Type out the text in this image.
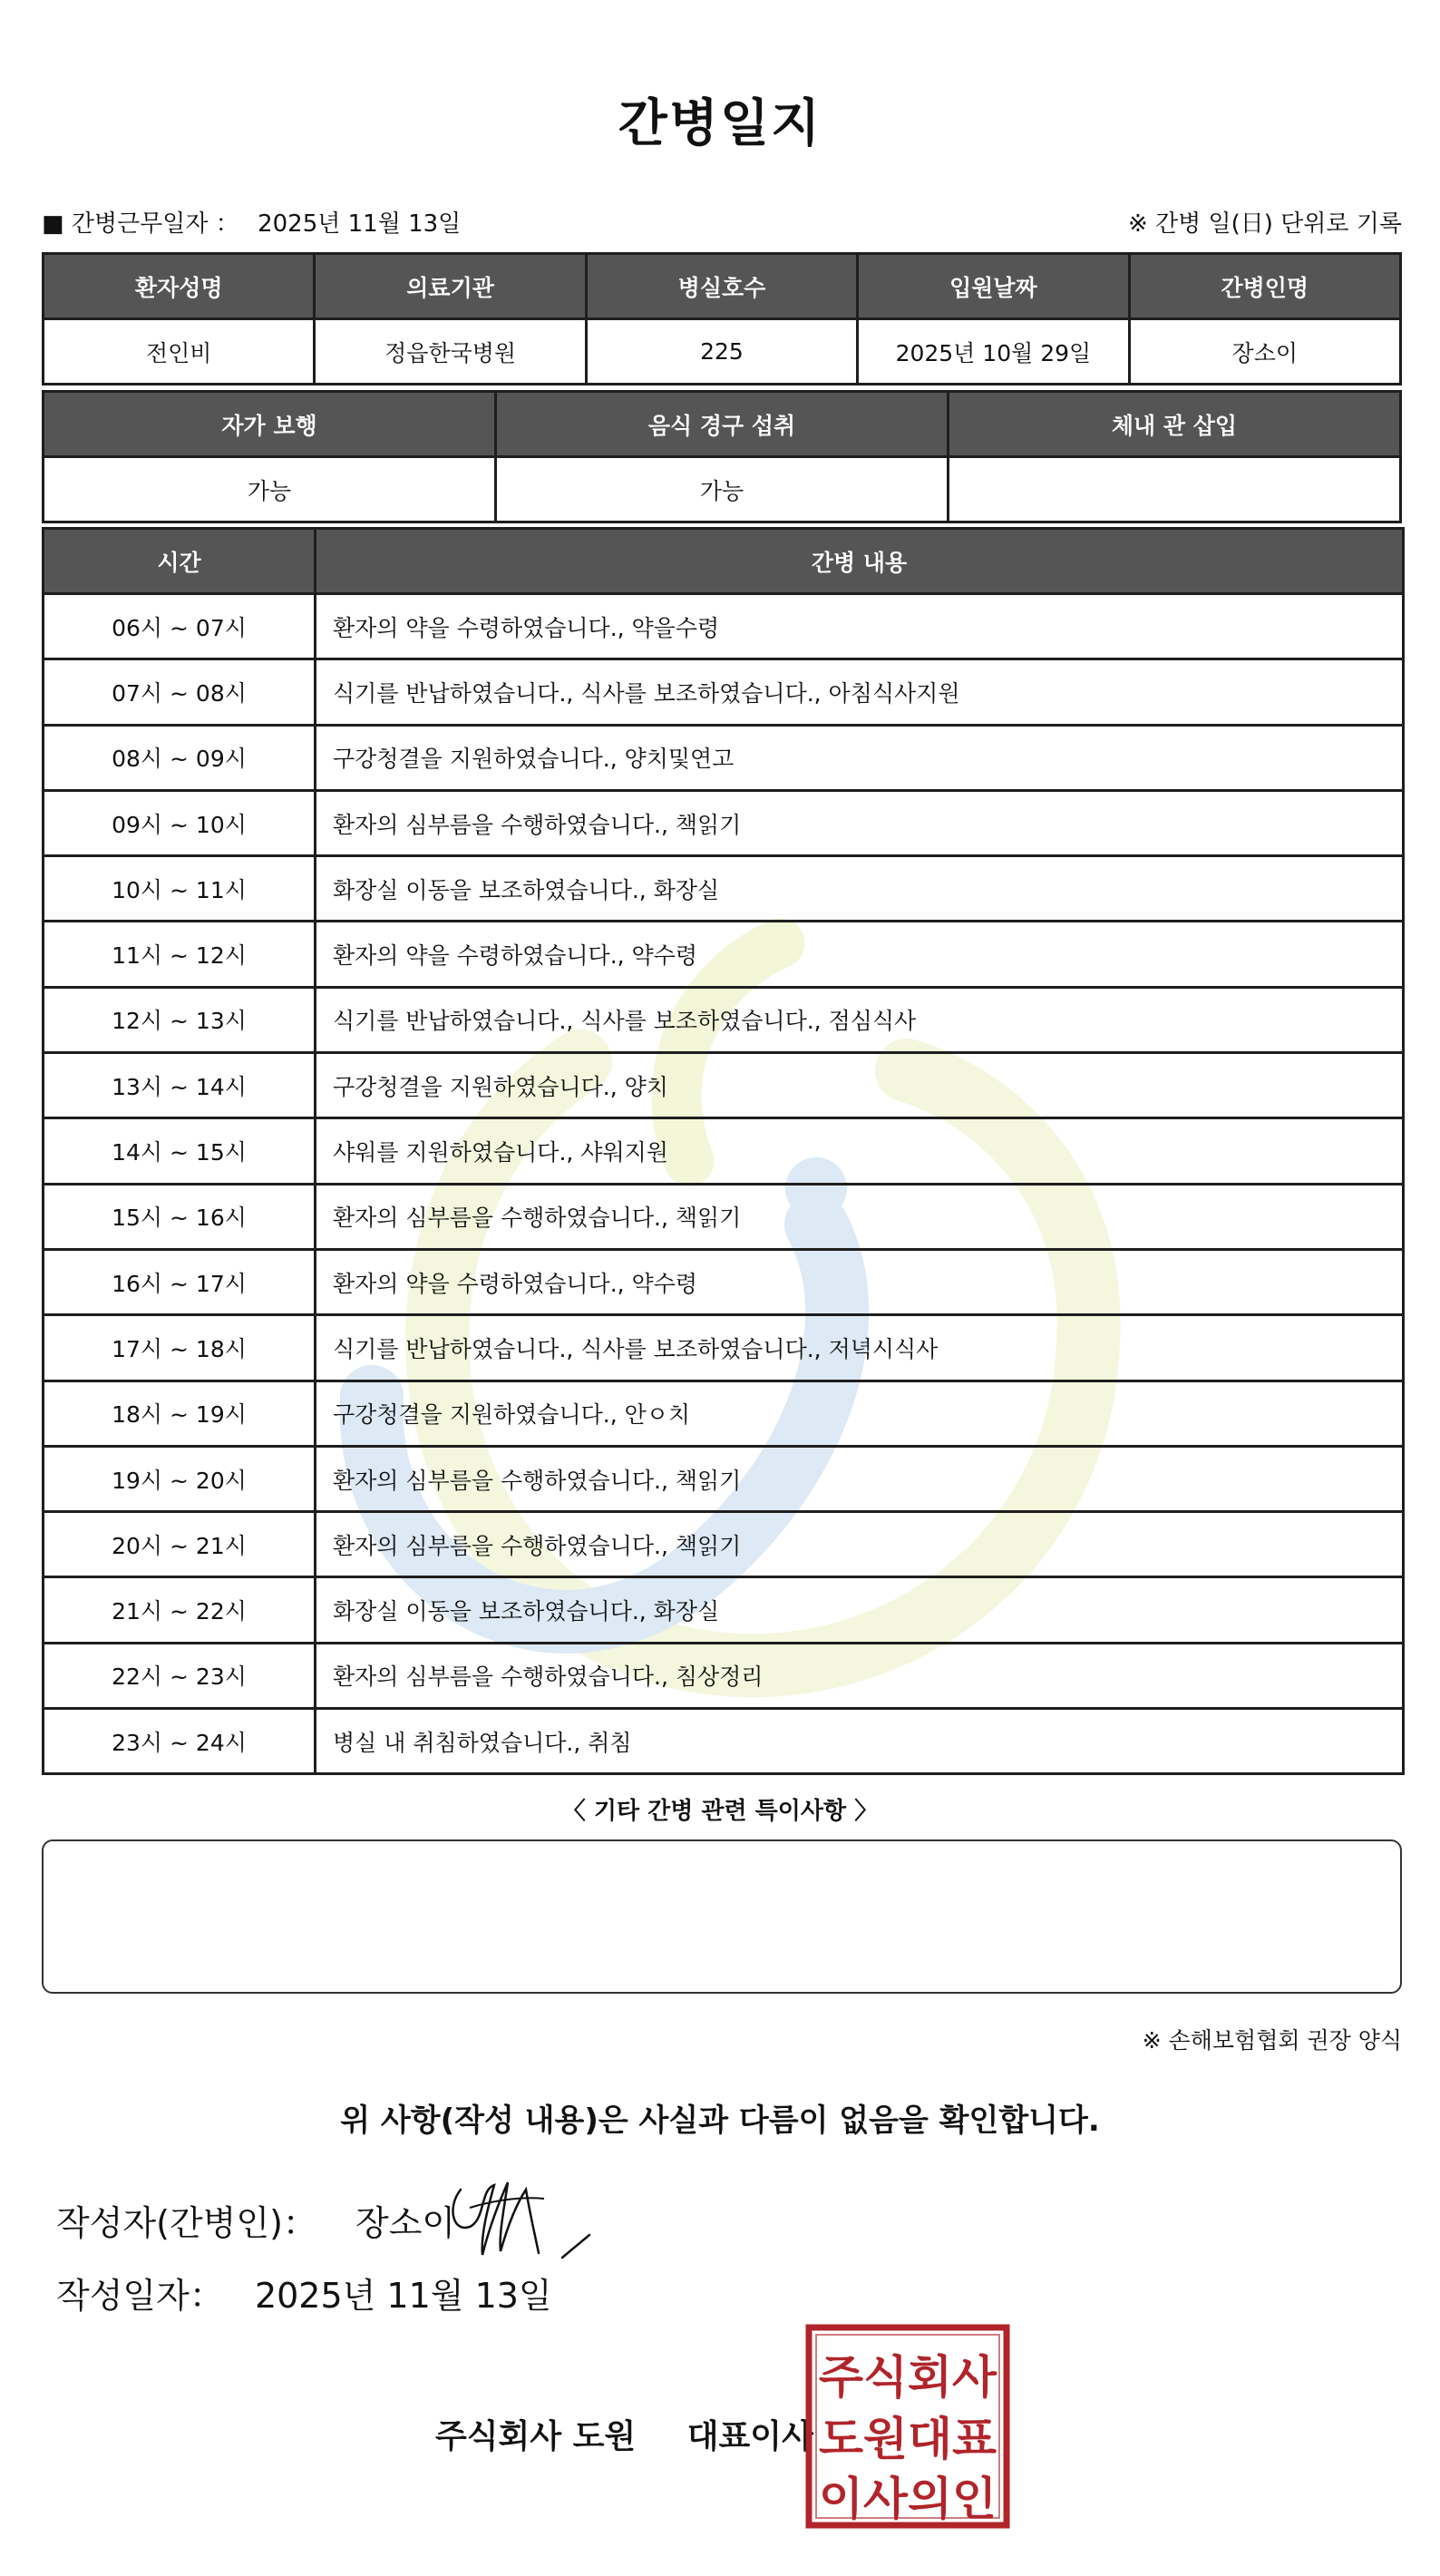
간병일지
■ 간병근무일자 ： 2025년 11월 13일	※ 간병 일(日) 단위로 기록
환자성명	의료기관	병실호수	입원날짜	간병인명
전인비	정읍한국병원	225	2025년 10월 29일	장소이
자가 보행	음식 경구 섭취	체내 관 삽입
가능	가능	
시간	간병 내용
06시 ~ 07시	환자의 약을 수령하였습니다., 약을수령
07시 ~ 08시	식기를 반납하였습니다., 식사를 보조하였습니다., 아침식사지원
08시 ~ 09시	구강청결을 지원하였습니다., 양치및연고
09시 ~ 10시	환자의 심부름을 수행하였습니다., 책읽기
10시 ~ 11시	화장실 이동을 보조하였습니다., 화장실
11시 ~ 12시	환자의 약을 수령하였습니다., 약수령
12시 ~ 13시	식기를 반납하였습니다., 식사를 보조하였습니다., 점심식사
13시 ~ 14시	구강청결을 지원하였습니다., 양치
14시 ~ 15시	샤워를 지원하였습니다., 샤워지원
15시 ~ 16시	환자의 심부름을 수행하였습니다., 책읽기
16시 ~ 17시	환자의 약을 수령하였습니다., 약수령
17시 ~ 18시	식기를 반납하였습니다., 식사를 보조하였습니다., 저녁시식사
18시 ~ 19시	구강청결을 지원하였습니다., 안ㅇ치
19시 ~ 20시	환자의 심부름을 수행하였습니다., 책읽기
20시 ~ 21시	환자의 심부름을 수행하였습니다., 책읽기
21시 ~ 22시	화장실 이동을 보조하였습니다., 화장실
22시 ~ 23시	환자의 심부름을 수행하였습니다., 침상정리
23시 ~ 24시	병실 내 취침하였습니다., 취침
〈 기타 간병 관련 특이사항 〉
※ 손해보험협회 권장 양식
위 사항(작성 내용)은 사실과 다름이 없음을 확인합니다.
작성자(간병인)： 장소이
작성일자： 2025년 11월 13일
주식회사 도원 대표이사
주식회사
도원대표
이사의인
